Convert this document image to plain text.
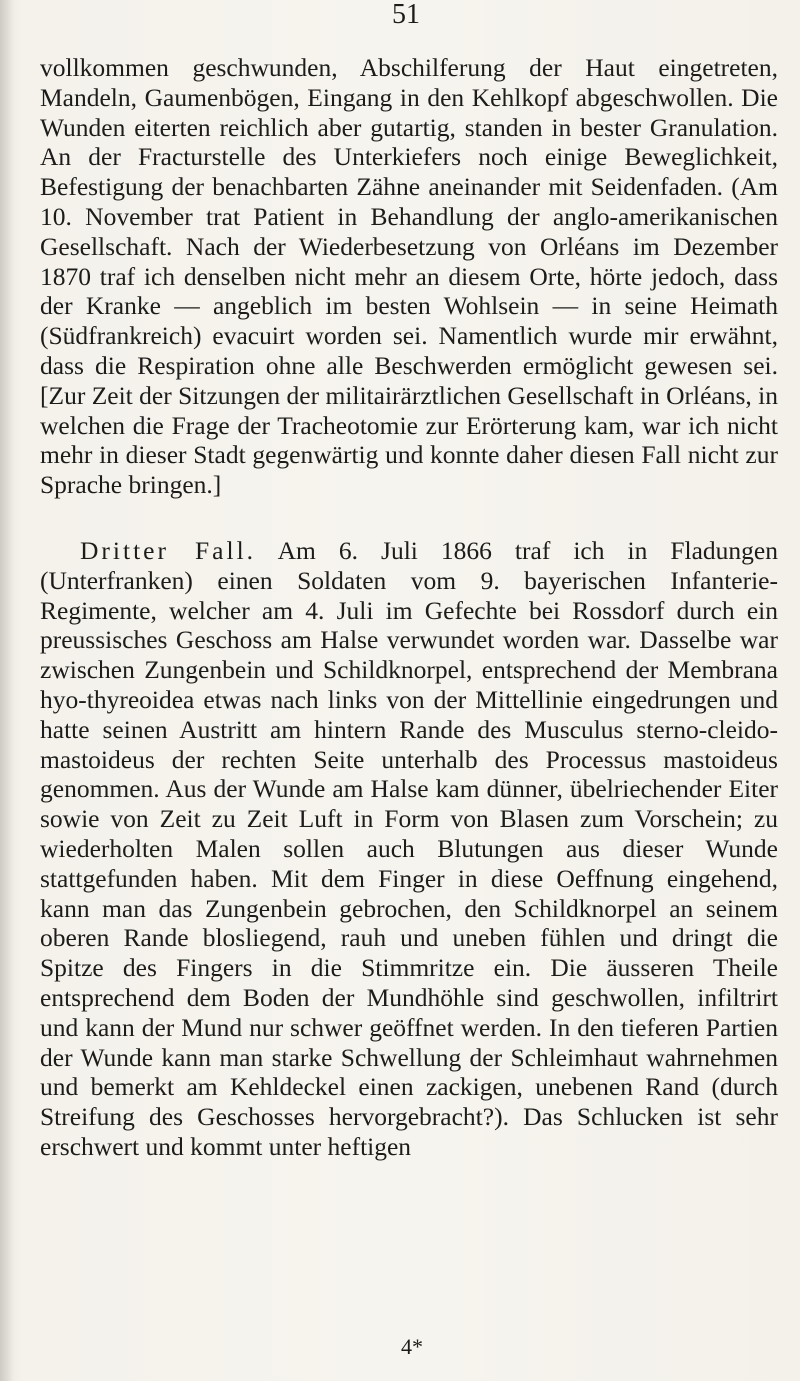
51

vollkommen geschwunden, Abschilferung der Haut eingetreten, Mandeln, Gaumenbögen, Eingang in den Kehlkopf abgeschwollen. Die Wunden eiterten reichlich aber gutartig, standen in bester Granulation. An der Fracturstelle des Unterkiefers noch einige Beweglichkeit, Befestigung der benachbarten Zähne aneinander mit Seidenfaden. (Am 10. November trat Patient in Behandlung der anglo-amerikanischen Gesellschaft. Nach der Wiederbesetzung von Orléans im Dezember 1870 traf ich denselben nicht mehr an diesem Orte, hörte jedoch, dass der Kranke — angeblich im besten Wohlsein — in seine Heimath (Südfrankreich) evacuirt worden sei. Namentlich wurde mir erwähnt, dass die Respiration ohne alle Beschwerden ermöglicht gewesen sei. [Zur Zeit der Sitzungen der militairärztlichen Gesellschaft in Orléans, in welchen die Frage der Tracheotomie zur Erörterung kam, war ich nicht mehr in dieser Stadt gegenwärtig und konnte daher diesen Fall nicht zur Sprache bringen.]

Dritter Fall. Am 6. Juli 1866 traf ich in Fladungen (Unterfranken) einen Soldaten vom 9. bayerischen Infanterie-Regimente, welcher am 4. Juli im Gefechte bei Rossdorf durch ein preussisches Geschoss am Halse verwundet worden war. Dasselbe war zwischen Zungenbein und Schildknorpel, entsprechend der Membrana hyo-thyreoidea etwas nach links von der Mittellinie eingedrungen und hatte seinen Austritt am hintern Rande des Musculus sterno-cleido-mastoideus der rechten Seite unterhalb des Processus mastoideus genommen. Aus der Wunde am Halse kam dünner, übelriechender Eiter sowie von Zeit zu Zeit Luft in Form von Blasen zum Vorschein; zu wiederholten Malen sollen auch Blutungen aus dieser Wunde stattgefunden haben. Mit dem Finger in diese Oeffnung eingehend, kann man das Zungenbein gebrochen, den Schildknorpel an seinem oberen Rande blosliegend, rauh und uneben fühlen und dringt die Spitze des Fingers in die Stimmritze ein. Die äusseren Theile entsprechend dem Boden der Mundhöhle sind geschwollen, infiltrirt und kann der Mund nur schwer geöffnet werden. In den tieferen Partien der Wunde kann man starke Schwellung der Schleimhaut wahrnehmen und bemerkt am Kehldeckel einen zackigen, unebenen Rand (durch Streifung des Geschosses hervorgebracht?). Das Schlucken ist sehr erschwert und kommt unter heftigen

4*
